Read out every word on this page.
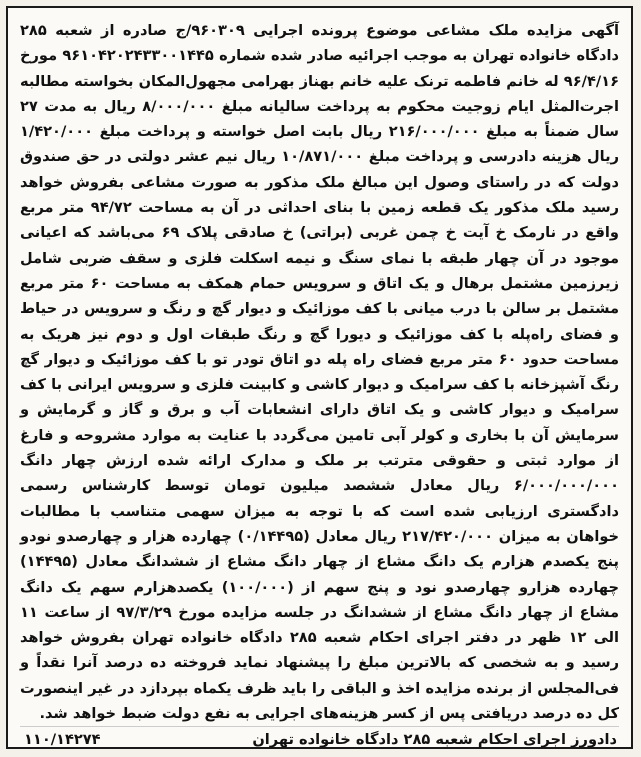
آگهی مزایده ملک مشاعی موضوع پرونده اجرایی ۹۶۰۳۰۹/ج صادره از شعبه ۲۸۵ دادگاه خانواده تهران به موجب اجرائیه صادر شده شماره ۹۶۱۰۴۲۰۲۴۳۳۰۰۱۴۴۵ مورخ ۹۶/۴/۱۶ له خانم فاطمه ترنک علیه خانم بهناز بهرامی مجهول‌المکان بخواسته مطالبه اجرت‌المثل ایام زوجیت محکوم به پرداخت سالیانه مبلغ ۸/۰۰۰/۰۰۰ ریال به مدت ۲۷ سال ضمناً به مبلغ ۲۱۶/۰۰۰/۰۰۰ ریال بابت اصل خواسته و پرداخت مبلغ ۱/۴۲۰/۰۰۰ ریال هزینه دادرسی و پرداخت مبلغ ۱۰/۸۷۱/۰۰۰ ریال نیم عشر دولتی در حق صندوق دولت که در راستای وصول این مبالغ ملک مذکور به صورت مشاعی بفروش خواهد رسید ملک مذکور یک قطعه زمین با بنای احداثی در آن به مساحت ۹۴/۷۲ متر مربع واقع در نارمک خ آیت خ چمن غربی (براتی) خ صادقی پلاک ۶۹ می‌باشد که اعیانی موجود در آن چهار طبقه با نمای سنگ و نیمه اسکلت فلزی و سقف ضربی شامل زیرزمین مشتمل برهال و یک اتاق و سرویس حمام همکف به مساحت ۶۰ متر مربع مشتمل بر سالن با درب میانی با کف موزائیک و دیوار گچ و رنگ و سرویس در حیاط و فضای راه‌پله با کف موزائیک و دیورا گچ و رنگ طبقات اول و دوم نیز هریک به مساحت حدود ۶۰ متر مربع فضای راه پله دو اتاق تودر تو با کف موزائیک و دیوار گچ رنگ آشپزخانه با کف سرامیک و دیوار کاشی و کابینت فلزی و سرویس ایرانی با کف سرامیک و دیوار کاشی و یک اتاق دارای انشعابات آب و برق و گاز و گرمایش و سرمایش آن با بخاری و کولر آبی تامین می‌گردد با عنایت به موارد مشروحه و فارغ از موارد ثبتی و حقوقی مترتب بر ملک و مدارک ارائه شده ارزش چهار دانگ ۶/۰۰۰/۰۰۰/۰۰۰ ریال معادل ششصد میلیون تومان توسط کارشناس رسمی دادگستری ارزیابی شده است که با توجه به میزان سهمی متناسب با مطالبات خواهان به میزان ۲۱۷/۴۲۰/۰۰۰ ریال معادل (۰/۱۴۴۹۵) چهارده هزار و چهارصدو نودو پنج یکصدم هزارم یک دانگ مشاع از چهار دانگ مشاع از ششدانگ معادل (۱۴۴۹۵) چهارده هزارو چهارصدو نود و پنج سهم از (۱۰۰/۰۰۰) یکصدهزارم سهم یک دانگ مشاع از چهار دانگ مشاع از ششدانگ در جلسه مزایده مورخ ۹۷/۳/۲۹ از ساعت ۱۱ الی ۱۲ ظهر در دفتر اجرای احکام شعبه ۲۸۵ دادگاه خانواده تهران بفروش خواهد رسید و به شخصی که بالاترین مبلغ را پیشنهاد نماید فروخته ده درصد آنرا نقداً و فی‌المجلس از برنده مزایده اخذ و الباقی را باید ظرف یکماه بپردازد در غیر اینصورت کل ده درصد دریافتی پس از کسر هزینه‌های اجرایی به نفع دولت ضبط خواهد شد.
دادورز اجرای احکام شعبه ۲۸۵ دادگاه خانواده تهران
۱۱۰/۱۴۲۷۴
